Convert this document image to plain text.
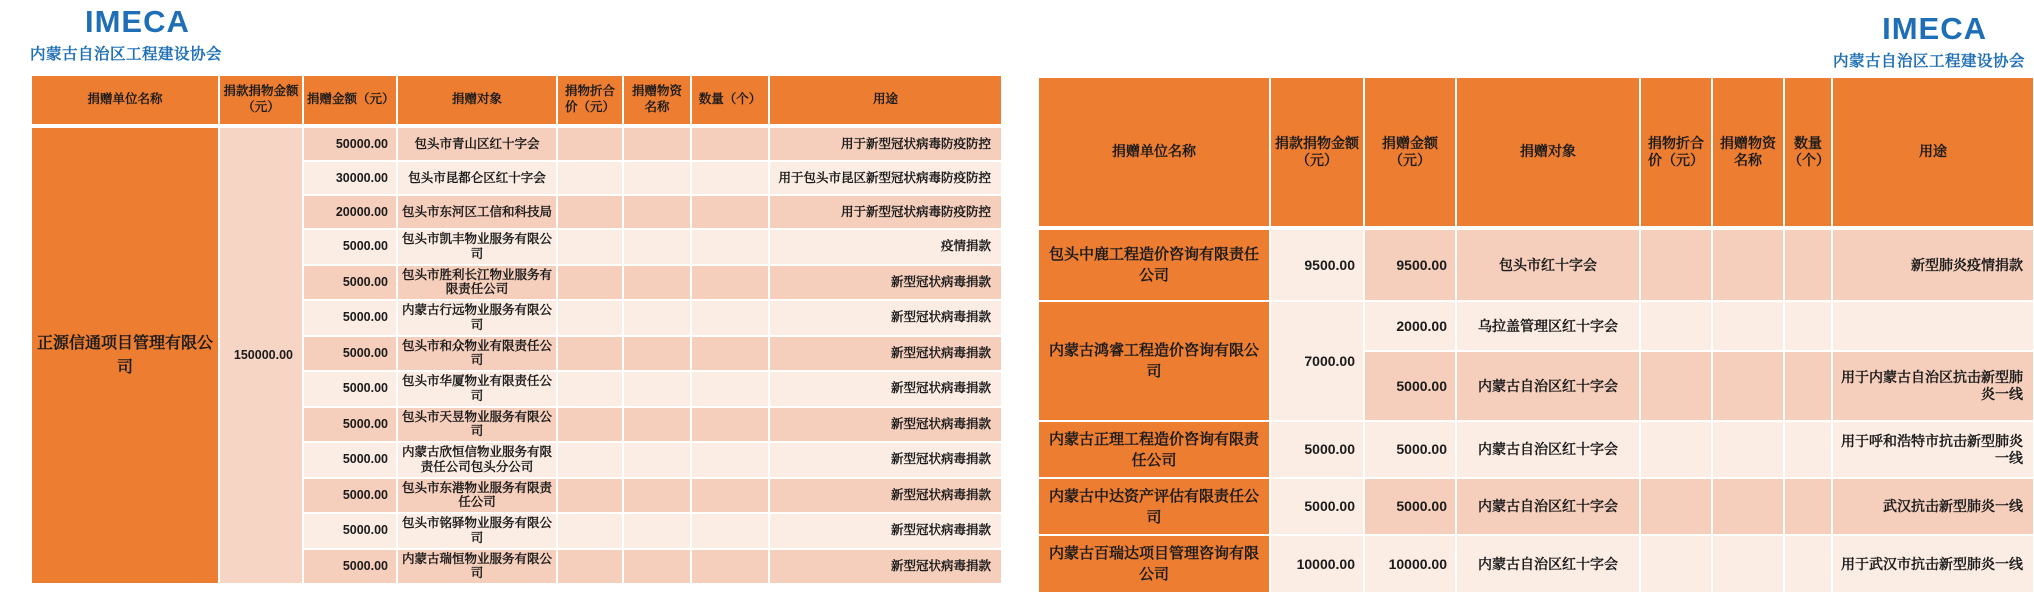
IMECA
内蒙古自治区工程建设协会
捐赠单位名称	捐款捐物金额（元）	捐赠金额（元）	捐赠对象	捐物折合价（元）	捐赠物资名称	数量（个）	用途
正源信通项目管理有限公司	150000.00	50000.00	包头市青山区红十字会				用于新型冠状病毒防疫防控
		30000.00	包头市昆都仑区红十字会				用于包头市昆区新型冠状病毒防疫防控
		20000.00	包头市东河区工信和科技局				用于新型冠状病毒防疫防控
		5000.00	包头市凯丰物业服务有限公司				疫情捐款
		5000.00	包头市胜利长江物业服务有限责任公司				新型冠状病毒捐款
		5000.00	内蒙古行远物业服务有限公司				新型冠状病毒捐款
		5000.00	包头市和众物业有限责任公司				新型冠状病毒捐款
		5000.00	包头市华厦物业有限责任公司				新型冠状病毒捐款
		5000.00	包头市天昱物业服务有限公司				新型冠状病毒捐款
		5000.00	内蒙古欣恒信物业服务有限责任公司包头分公司				新型冠状病毒捐款
		5000.00	包头市东港物业服务有限责任公司				新型冠状病毒捐款
		5000.00	包头市铭驿物业服务有限公司				新型冠状病毒捐款
		5000.00	内蒙古瑞恒物业服务有限公司				新型冠状病毒捐款
IMECA
内蒙古自治区工程建设协会
捐赠单位名称	捐款捐物金额（元）	捐赠金额（元）	捐赠对象	捐物折合价（元）	捐赠物资名称	数量（个）	用途
包头中鹿工程造价咨询有限责任公司	9500.00	9500.00	包头市红十字会				新型肺炎疫情捐款
内蒙古鸿睿工程造价咨询有限公司	7000.00	2000.00	乌拉盖管理区红十字会				
		5000.00	内蒙古自治区红十字会				用于内蒙古自治区抗击新型肺炎一线
内蒙古正理工程造价咨询有限责任公司	5000.00	5000.00	内蒙古自治区红十字会				用于呼和浩特市抗击新型肺炎一线
内蒙古中达资产评估有限责任公司	5000.00	5000.00	内蒙古自治区红十字会				武汉抗击新型肺炎一线
内蒙古百瑞达项目管理咨询有限公司	10000.00	10000.00	内蒙古自治区红十字会				用于武汉市抗击新型肺炎一线
